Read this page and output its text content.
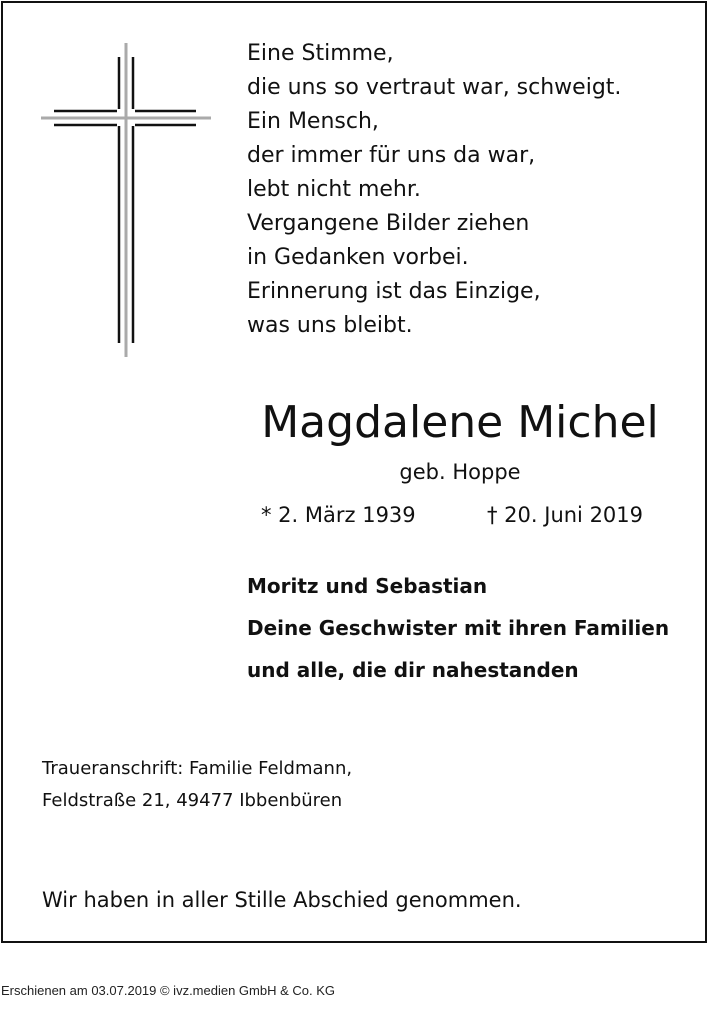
Eine Stimme,
die uns so vertraut war, schweigt.
Ein Mensch,
der immer für uns da war,
lebt nicht mehr.
Vergangene Bilder ziehen
in Gedanken vorbei.
Erinnerung ist das Einzige,
was uns bleibt.
Magdalene Michel
geb. Hoppe
* 2. März 1939	† 20. Juni 2019
Moritz und Sebastian
Deine Geschwister mit ihren Familien
und alle, die dir nahestanden
Traueranschrift: Familie Feldmann,
Feldstraße 21, 49477 Ibbenbüren
Wir haben in aller Stille Abschied genommen.
Erschienen am 03.07.2019 © ivz.medien GmbH & Co. KG
